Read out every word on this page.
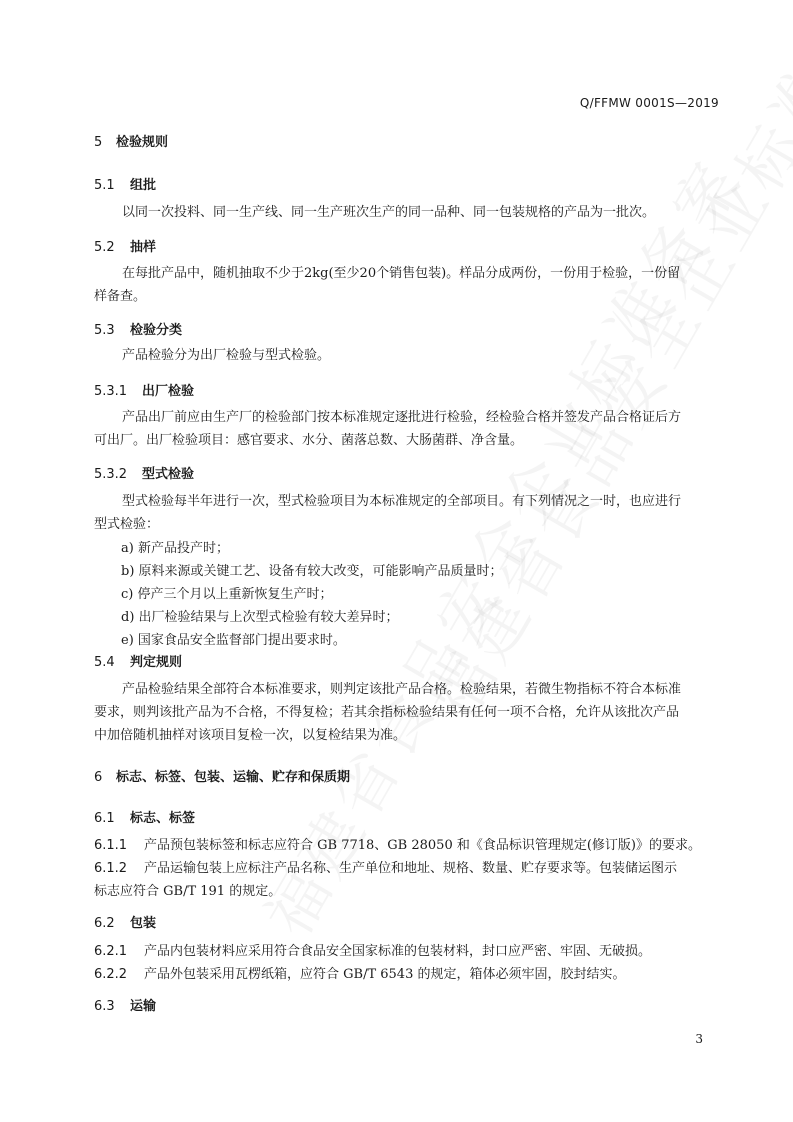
Q/FFMW 0001S—2019
5 检验规则
5.1 组批
以同一次投料、同一生产线、同一生产班次生产的同一品种、同一包装规格的产品为一批次。
5.2 抽样
在每批产品中，随机抽取不少于2kg(至少20个销售包装)。样品分成两份，一份用于检验，一份留
样备查。
5.3 检验分类
产品检验分为出厂检验与型式检验。
5.3.1 出厂检验
产品出厂前应由生产厂的检验部门按本标准规定逐批进行检验，经检验合格并签发产品合格证后方
可出厂。出厂检验项目：感官要求、水分、菌落总数、大肠菌群、净含量。
5.3.2 型式检验
型式检验每半年进行一次，型式检验项目为本标准规定的全部项目。有下列情况之一时，也应进行
型式检验：
a) 新产品投产时；
b) 原料来源或关键工艺、设备有较大改变，可能影响产品质量时；
c) 停产三个月以上重新恢复生产时；
d) 出厂检验结果与上次型式检验有较大差异时；
e) 国家食品安全监督部门提出要求时。
5.4 判定规则
产品检验结果全部符合本标准要求，则判定该批产品合格。检验结果，若微生物指标不符合本标准
要求，则判该批产品为不合格，不得复检；若其余指标检验结果有任何一项不合格，允许从该批次产品
中加倍随机抽样对该项目复检一次，以复检结果为准。
6 标志、标签、包装、运输、贮存和保质期
6.1 标志、标签
6.1.1 产品预包装标签和标志应符合 GB 7718、GB 28050 和《食品标识管理规定(修订版)》的要求。
6.1.2 产品运输包装上应标注产品名称、生产单位和地址、规格、数量、贮存要求等。包装储运图示
标志应符合 GB/T 191 的规定。
6.2 包装
6.2.1 产品内包装材料应采用符合食品安全国家标准的包装材料，封口应严密、牢固、无破损。
6.2.2 产品外包装采用瓦楞纸箱，应符合 GB/T 6543 的规定，箱体必须牢固，胶封结实。
6.3 运输
3
